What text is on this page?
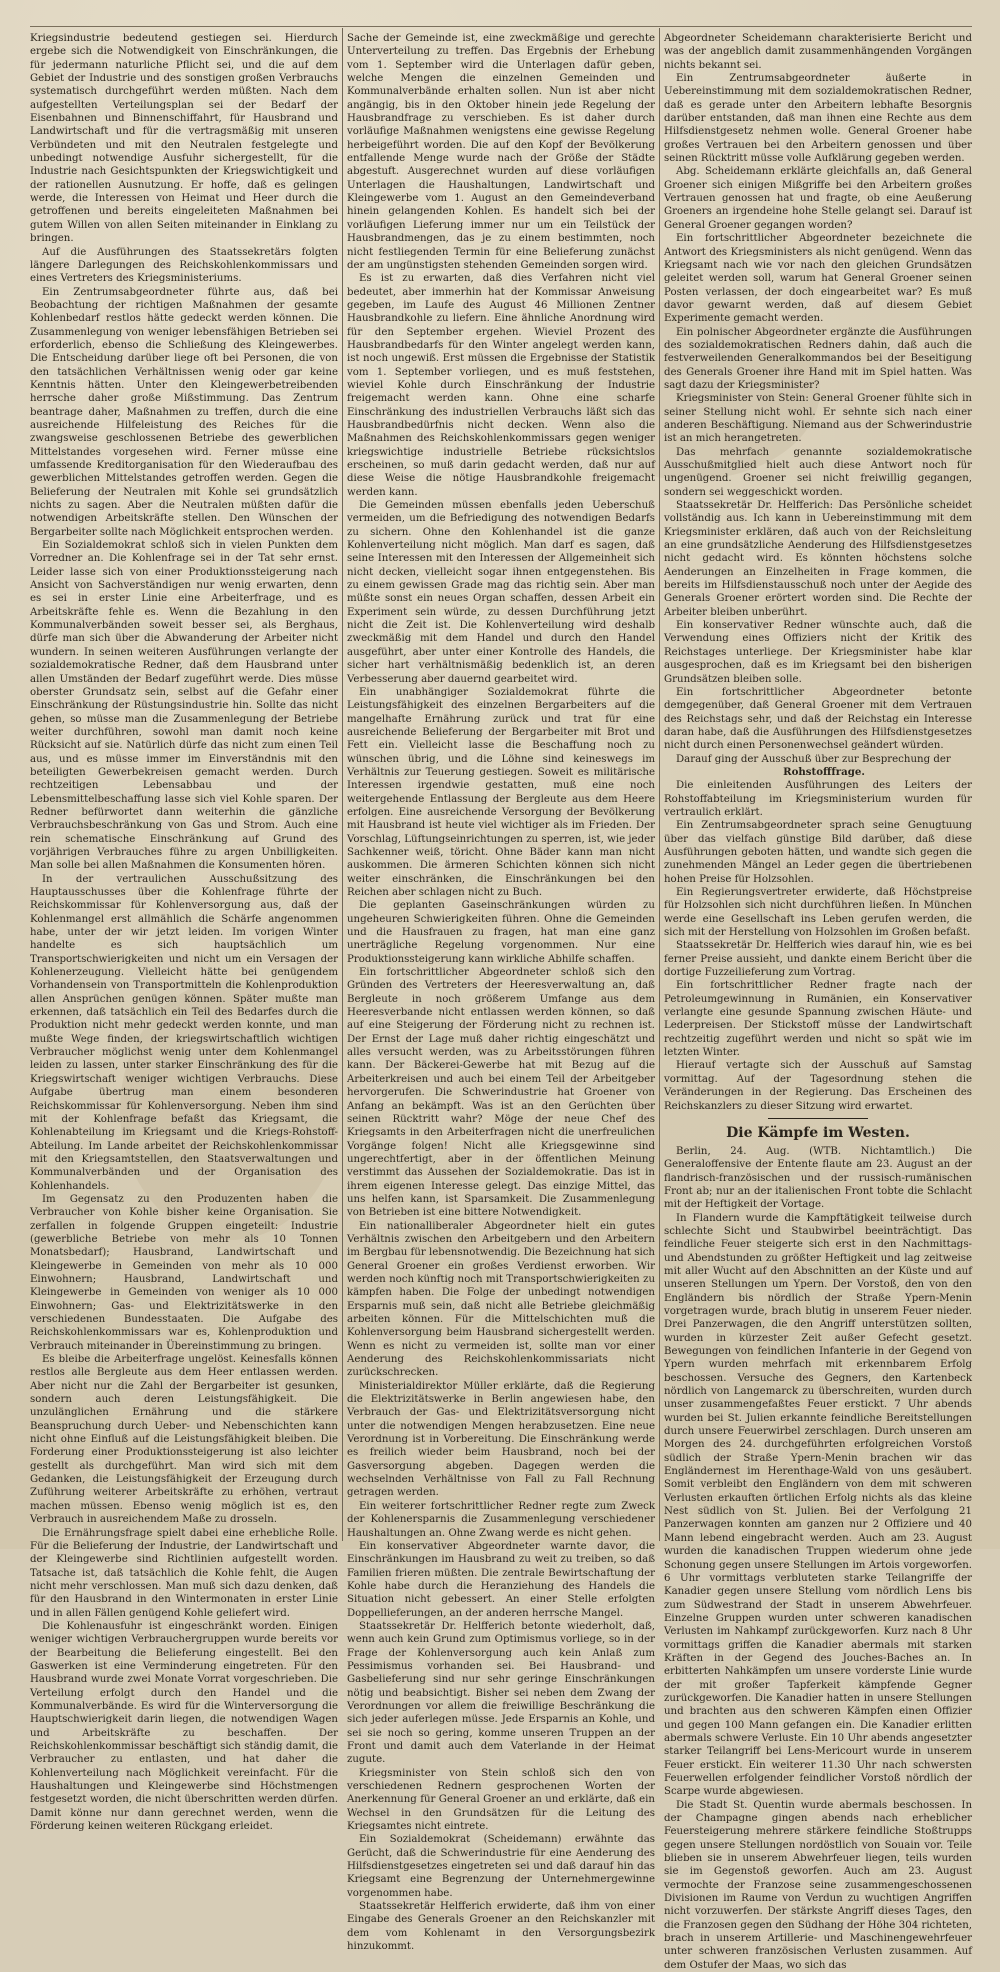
Kriegsindustrie bedeutend gestiegen sei. Hierdurch ergebe sich die Notwendigkeit von Einschränkungen, die für jedermann naturliche Pflicht sei, und die auf dem Gebiet der Industrie und des sonstigen großen Verbrauchs systematisch durchgeführt werden müßten. Nach dem aufgestellten Verteilungsplan sei der Bedarf der Eisenbahnen und Binnenschiffahrt, für Hausbrand und Landwirtschaft und für die vertragsmäßig mit unseren Verbündeten und mit den Neutralen festgelegte und unbedingt notwendige Ausfuhr sichergestellt, für die Industrie nach Gesichtspunkten der Kriegswichtigkeit und der rationellen Ausnutzung. Er hoffe, daß es gelingen werde, die Interessen von Heimat und Heer durch die getroffenen und bereits eingeleiteten Maßnahmen bei gutem Willen von allen Seiten miteinander in Einklang zu bringen.

Auf die Ausführungen des Staatssekretärs folgten längere Darlegungen des Reichskohlenkommissars und eines Vertreters des Kriegsministeriums.

Ein Zentrumsabgeordneter führte aus, daß bei Beobachtung der richtigen Maßnahmen der gesamte Kohlenbedarf restlos hätte gedeckt werden können. Die Zusammenlegung von weniger lebensfähigen Betrieben sei erforderlich, ebenso die Schließung des Kleingewerbes. Die Entscheidung darüber liege oft bei Personen, die von den tatsächlichen Verhältnissen wenig oder gar keine Kenntnis hätten. Unter den Kleingewerbetreibenden herrsche daher große Mißstimmung. Das Zentrum beantrage daher, Maßnahmen zu treffen, durch die eine ausreichende Hilfeleistung des Reiches für die zwangsweise geschlossenen Betriebe des gewerblichen Mittelstandes vorgesehen wird. Ferner müsse eine umfassende Kreditorganisation für den Wiederaufbau des gewerblichen Mittelstandes getroffen werden. Gegen die Belieferung der Neutralen mit Kohle sei grundsätzlich nichts zu sagen. Aber die Neutralen müßten dafür die notwendigen Arbeitskräfte stellen. Den Wünschen der Bergarbeiter sollte nach Möglichkeit entsprochen werden.

Ein Sozialdemokrat schloß sich in vielen Punkten dem Vorredner an. Die Kohlenfrage sei in der Tat sehr ernst. Leider lasse sich von einer Produktionssteigerung nach Ansicht von Sachverständigen nur wenig erwarten, denn es sei in erster Linie eine Arbeiterfrage, und es Arbeitskräfte fehle es. Wenn die Bezahlung in den Kommunalverbänden soweit besser sei, als Berghaus, dürfe man sich über die Abwanderung der Arbeiter nicht wundern. In seinen weiteren Ausführungen verlangte der sozialdemokratische Redner, daß dem Hausbrand unter allen Umständen der Bedarf zugeführt werde. Dies müsse oberster Grundsatz sein, selbst auf die Gefahr einer Einschränkung der Rüstungsindustrie hin. Sollte das nicht gehen, so müsse man die Zusammenlegung der Betriebe weiter durchführen, sowohl man damit noch keine Rücksicht auf sie. Natürlich dürfe das nicht zum einen Teil aus, und es müsse immer im Einverständnis mit den beteiligten Gewerbekreisen gemacht werden. Durch rechtzeitigen Lebensabbau und der Lebensmittelbeschaffung lasse sich viel Kohle sparen. Der Redner befürwortet dann weiterhin die gänzliche Verbrauchsbeschränkung von Gas und Strom. Auch eine rein schematische Einschränkung auf Grund des vorjährigen Verbrauches führe zu argen Unbilligkeiten. Man solle bei allen Maßnahmen die Konsumenten hören.

In der vertraulichen Ausschußsitzung des Hauptausschusses über die Kohlenfrage führte der Reichskommissar für Kohlenversorgung aus, daß der Kohlenmangel erst allmählich die Schärfe angenommen habe, unter der wir jetzt leiden. Im vorigen Winter handelte es sich hauptsächlich um Transportschwierigkeiten und nicht um ein Versagen der Kohlenerzeugung. Vielleicht hätte bei genügendem Vorhandensein von Transportmitteln die Kohlenproduktion allen Ansprüchen genügen können. Später mußte man erkennen, daß tatsächlich ein Teil des Bedarfes durch die Produktion nicht mehr gedeckt werden konnte, und man mußte Wege finden, der kriegswirtschaftlich wichtigen Verbraucher möglichst wenig unter dem Kohlenmangel leiden zu lassen, unter starker Einschränkung des für die Kriegswirtschaft weniger wichtigen Verbrauchs. Diese Aufgabe übertrug man einem besonderen Reichskommissar für Kohlenversorgung. Neben ihm sind mit der Kohlenfrage befaßt das Kriegsamt, die Kohlenabteilung im Kriegsamt und die Kriegs-Rohstoff-Abteilung. Im Lande arbeitet der Reichskohlenkommissar mit den Kriegsamtstellen, den Staatsverwaltungen und Kommunalverbänden und der Organisation des Kohlenhandels.

Im Gegensatz zu den Produzenten haben die Verbraucher von Kohle bisher keine Organisation. Sie zerfallen in folgende Gruppen eingeteilt: Industrie (gewerbliche Betriebe von mehr als 10 Tonnen Monatsbedarf); Hausbrand, Landwirtschaft und Kleingewerbe in Gemeinden von mehr als 10 000 Einwohnern; Hausbrand, Landwirtschaft und Kleingewerbe in Gemeinden von weniger als 10 000 Einwohnern; Gas- und Elektrizitätswerke in den verschiedenen Bundesstaaten. Die Aufgabe des Reichskohlenkommissars war es, Kohlenproduktion und Verbrauch miteinander in Übereinstimmung zu bringen.

Es bleibe die Arbeiterfrage ungelöst. Keinesfalls können restlos alle Bergleute aus dem Heer entlassen werden. Aber nicht nur die Zahl der Bergarbeiter ist gesunken, sondern auch deren Leistungsfähigkeit. Die unzulänglichen Ernährung und die stärkere Beanspruchung durch Ueber- und Nebenschichten kann nicht ohne Einfluß auf die Leistungsfähigkeit bleiben. Die Forderung einer Produktionssteigerung ist also leichter gestellt als durchgeführt. Man wird sich mit dem Gedanken, die Leistungsfähigkeit der Erzeugung durch Zuführung weiterer Arbeitskräfte zu erhöhen, vertraut machen müssen. Ebenso wenig möglich ist es, den Verbrauch in ausreichendem Maße zu drosseln.

Die Ernährungsfrage spielt dabei eine erhebliche Rolle. Für die Belieferung der Industrie, der Landwirtschaft und der Kleingewerbe sind Richtlinien aufgestellt worden. Tatsache ist, daß tatsächlich die Kohle fehlt, die Augen nicht mehr verschlossen. Man muß sich dazu denken, daß für den Hausbrand in den Wintermonaten in erster Linie und in allen Fällen genügend Kohle geliefert wird.

Die Kohlenausfuhr ist eingeschränkt worden. Einigen weniger wichtigen Verbrauchergruppen wurde bereits vor der Bearbeitung die Belieferung eingestellt. Bei den Gaswerken ist eine Verminderung eingetreten. Für den Hausbrand wurde zwei Monate Vorrat vorgeschrieben. Die Verteilung erfolgt durch den Handel und die Kommunalverbände. Es wird für die Winterversorgung die Hauptschwierigkeit darin liegen, die notwendigen Wagen und Arbeitskräfte zu beschaffen. Der Reichskohlenkommissar beschäftigt sich ständig damit, die Verbraucher zu entlasten, und hat daher die Kohlenverteilung nach Möglichkeit vereinfacht. Für die Haushaltungen und Kleingewerbe sind Höchstmengen festgesetzt worden, die nicht überschritten werden dürfen. Damit könne nur dann gerechnet werden, wenn die Förderung keinen weiteren Rückgang erleidet.

Sache der Gemeinde ist, eine zweckmäßige und gerechte Unterverteilung zu treffen. Das Ergebnis der Erhebung vom 1. September wird die Unterlagen dafür geben, welche Mengen die einzelnen Gemeinden und Kommunalverbände erhalten sollen. Nun ist aber nicht angängig, bis in den Oktober hinein jede Regelung der Hausbrandfrage zu verschieben. Es ist daher durch vorläufige Maßnahmen wenigstens eine gewisse Regelung herbeigeführt worden. Die auf den Kopf der Bevölkerung entfallende Menge wurde nach der Größe der Städte abgestuft. Ausgerechnet wurden auf diese vorläufigen Unterlagen die Haushaltungen, Landwirtschaft und Kleingewerbe vom 1. August an den Gemeindeverband hinein gelangenden Kohlen. Es handelt sich bei der vorläufigen Lieferung immer nur um ein Teilstück der Hausbrandmengen, das je zu einem bestimmten, noch nicht festliegenden Termin für eine Belieferung zunächst der am ungünstigsten stehenden Gemeinden sorgen wird.

Es ist zu erwarten, daß dies Verfahren nicht viel bedeutet, aber immerhin hat der Kommissar Anweisung gegeben, im Laufe des August 46 Millionen Zentner Hausbrandkohle zu liefern. Eine ähnliche Anordnung wird für den September ergehen. Wieviel Prozent des Hausbrandbedarfs für den Winter angelegt werden kann, ist noch ungewiß. Erst müssen die Ergebnisse der Statistik vom 1. September vorliegen, und es muß feststehen, wieviel Kohle durch Einschränkung der Industrie freigemacht werden kann. Ohne eine scharfe Einschränkung des industriellen Verbrauchs läßt sich das Hausbrandbedürfnis nicht decken. Wenn also die Maßnahmen des Reichskohlenkommissars gegen weniger kriegswichtige industrielle Betriebe rücksichtslos erscheinen, so muß darin gedacht werden, daß nur auf diese Weise die nötige Hausbrandkohle freigemacht werden kann.

Die Gemeinden müssen ebenfalls jeden Ueberschuß vermeiden, um die Befriedigung des notwendigen Bedarfs zu sichern. Ohne den Kohlenhandel ist die ganze Kohlenverteilung nicht möglich. Man darf es sagen, daß seine Interessen mit den Interessen der Allgemeinheit sich nicht decken, vielleicht sogar ihnen entgegenstehen. Bis zu einem gewissen Grade mag das richtig sein. Aber man müßte sonst ein neues Organ schaffen, dessen Arbeit ein Experiment sein würde, zu dessen Durchführung jetzt nicht die Zeit ist. Die Kohlenverteilung wird deshalb zweckmäßig mit dem Handel und durch den Handel ausgeführt, aber unter einer Kontrolle des Handels, die sicher hart verhältnismäßig bedenklich ist, an deren Verbesserung aber dauernd gearbeitet wird.

Ein unabhängiger Sozialdemokrat führte die Leistungsfähigkeit des einzelnen Bergarbeiters auf die mangelhafte Ernährung zurück und trat für eine ausreichende Belieferung der Bergarbeiter mit Brot und Fett ein. Vielleicht lasse die Beschaffung noch zu wünschen übrig, und die Löhne sind keineswegs im Verhältnis zur Teuerung gestiegen. Soweit es militärische Interessen irgendwie gestatten, muß eine noch weitergehende Entlassung der Bergleute aus dem Heere erfolgen. Eine ausreichende Versorgung der Bevölkerung mit Hausbrand ist heute viel wichtiger als im Frieden. Der Vorschlag, Lüftungseinrichtungen zu sperren, ist, wie jeder Sachkenner weiß, töricht. Ohne Bäder kann man nicht auskommen. Die ärmeren Schichten können sich nicht weiter einschränken, die Einschränkungen bei den Reichen aber schlagen nicht zu Buch.

Die geplanten Gaseinschränkungen würden zu ungeheuren Schwierigkeiten führen. Ohne die Gemeinden und die Hausfrauen zu fragen, hat man eine ganz unerträgliche Regelung vorgenommen. Nur eine Produktionssteigerung kann wirkliche Abhilfe schaffen.

Ein fortschrittlicher Abgeordneter schloß sich den Gründen des Vertreters der Heeresverwaltung an, daß Bergleute in noch größerem Umfange aus dem Heeresverbande nicht entlassen werden können, so daß auf eine Steigerung der Förderung nicht zu rechnen ist. Der Ernst der Lage muß daher richtig eingeschätzt und alles versucht werden, was zu Arbeitsstörungen führen kann. Der Bäckerei-Gewerbe hat mit Bezug auf die Arbeiterkreisen und auch bei einem Teil der Arbeitgeber hervorgerufen. Die Schwerindustrie hat Groener von Anfang an bekämpft. Was ist an den Gerüchten über seinen Rücktritt wahr? Möge der neue Chef des Kriegsamts in den Arbeiterfragen nicht die unerfreulichen Vorgänge folgen! Nicht alle Kriegsgewinne sind ungerechtfertigt, aber in der öffentlichen Meinung verstimmt das Aussehen der Sozialdemokratie. Das ist in ihrem eigenen Interesse gelegt. Das einzige Mittel, das uns helfen kann, ist Sparsamkeit. Die Zusammenlegung von Betrieben ist eine bittere Notwendigkeit.

Ein nationalliberaler Abgeordneter hielt ein gutes Verhältnis zwischen den Arbeitgebern und den Arbeitern im Bergbau für lebensnotwendig. Die Bezeichnung hat sich General Groener ein großes Verdienst erworben. Wir werden noch künftig noch mit Transportschwierigkeiten zu kämpfen haben. Die Folge der unbedingt notwendigen Ersparnis muß sein, daß nicht alle Betriebe gleichmäßig arbeiten können. Für die Mittelschichten muß die Kohlenversorgung beim Hausbrand sichergestellt werden. Wenn es nicht zu vermeiden ist, sollte man vor einer Aenderung des Reichskohlenkommissariats nicht zurückschrecken.

Ministerialdirektor Müller erklärte, daß die Regierung die Elektrizitätswerke in Berlin angewiesen habe, den Verbrauch der Gas- und Elektrizitätsversorgung nicht unter die notwendigen Mengen herabzusetzen. Eine neue Verordnung ist in Vorbereitung. Die Einschränkung werde es freilich wieder beim Hausbrand, noch bei der Gasversorgung abgeben. Dagegen werden die wechselnden Verhältnisse von Fall zu Fall Rechnung getragen werden.

Ein weiterer fortschrittlicher Redner regte zum Zweck der Kohlenersparnis die Zusammenlegung verschiedener Haushaltungen an. Ohne Zwang werde es nicht gehen.

Ein konservativer Abgeordneter warnte davor, die Einschränkungen im Hausbrand zu weit zu treiben, so daß Familien frieren müßten. Die zentrale Bewirtschaftung der Kohle habe durch die Heranziehung des Handels die Situation nicht gebessert. An einer Stelle erfolgten Doppellieferungen, an der anderen herrsche Mangel.

Staatssekretär Dr. Helfferich betonte wiederholt, daß, wenn auch kein Grund zum Optimismus vorliege, so in der Frage der Kohlenversorgung auch kein Anlaß zum Pessimismus vorhanden sei. Bei Hausbrand- und Gasbelieferung sind nur sehr geringe Einschränkungen nötig und beabsichtigt. Bisher sei neben dem Zwang der Verordnungen vor allem die freiwillige Beschränkung die sich jeder auferlegen müsse. Jede Ersparnis an Kohle, und sei sie noch so gering, komme unseren Truppen an der Front und damit auch dem Vaterlande in der Heimat zugute.

Kriegsminister von Stein schloß sich den von verschiedenen Rednern gesprochenen Worten der Anerkennung für General Groener an und erklärte, daß ein Wechsel in den Grundsätzen für die Leitung des Kriegsamtes nicht eintrete.

Ein Sozialdemokrat (Scheidemann) erwähnte das Gerücht, daß die Schwerindustrie für eine Aenderung des Hilfsdienstgesetzes eingetreten sei und daß darauf hin das Kriegsamt eine Begrenzung der Unternehmergewinne vorgenommen habe.

Staatssekretär Helfferich erwiderte, daß ihm von einer Eingabe des Generals Groener an den Reichskanzler mit dem vom Kohlenamt in den Versorgungsbezirk hinzukommt.

Abgeordneter Scheidemann charakterisierte Bericht und was der angeblich damit zusammenhängenden Vorgängen nichts bekannt sei.

Ein Zentrumsabgeordneter äußerte in Uebereinstimmung mit dem sozialdemokratischen Redner, daß es gerade unter den Arbeitern lebhafte Besorgnis darüber entstanden, daß man ihnen eine Rechte aus dem Hilfsdienstgesetz nehmen wolle. General Groener habe großes Vertrauen bei den Arbeitern genossen und über seinen Rücktritt müsse volle Aufklärung gegeben werden.

Abg. Scheidemann erklärte gleichfalls an, daß General Groener sich einigen Mißgriffe bei den Arbeitern großes Vertrauen genossen hat und fragte, ob eine Aeußerung Groeners an irgendeine hohe Stelle gelangt sei. Darauf ist General Groener gegangen worden?

Ein fortschrittlicher Abgeordneter bezeichnete die Antwort des Kriegsministers als nicht genügend. Wenn das Kriegsamt nach wie vor nach den gleichen Grundsätzen geleitet werden soll, warum hat General Groener seinen Posten verlassen, der doch eingearbeitet war? Es muß davor gewarnt werden, daß auf diesem Gebiet Experimente gemacht werden.

Ein polnischer Abgeordneter ergänzte die Ausführungen des sozialdemokratischen Redners dahin, daß auch die festverweilenden Generalkommandos bei der Beseitigung des Generals Groener ihre Hand mit im Spiel hatten. Was sagt dazu der Kriegsminister?

Kriegsminister von Stein: General Groener fühlte sich in seiner Stellung nicht wohl. Er sehnte sich nach einer anderen Beschäftigung. Niemand aus der Schwerindustrie ist an mich herangetreten.

Das mehrfach genannte sozialdemokratische Ausschußmitglied hielt auch diese Antwort noch für ungenügend. Groener sei nicht freiwillig gegangen, sondern sei weggeschickt worden.

Staatssekretär Dr. Helfferich: Das Persönliche scheidet vollständig aus. Ich kann in Uebereinstimmung mit dem Kriegsminister erklären, daß auch von der Reichsleitung an eine grundsätzliche Aenderung des Hilfsdienstgesetzes nicht gedacht wird. Es könnten höchstens solche Aenderungen an Einzelheiten in Frage kommen, die bereits im Hilfsdienstausschuß noch unter der Aegide des Generals Groener erörtert worden sind. Die Rechte der Arbeiter bleiben unberührt.

Ein konservativer Redner wünschte auch, daß die Verwendung eines Offiziers nicht der Kritik des Reichstages unterliege. Der Kriegsminister habe klar ausgesprochen, daß es im Kriegsamt bei den bisherigen Grundsätzen bleiben solle.

Ein fortschrittlicher Abgeordneter betonte demgegenüber, daß General Groener mit dem Vertrauen des Reichstags sehr, und daß der Reichstag ein Interesse daran habe, daß die Ausführungen des Hilfsdienstgesetzes nicht durch einen Personenwechsel geändert würden.

Darauf ging der Ausschuß über zur Besprechung der

Rohstofffrage.

Die einleitenden Ausführungen des Leiters der Rohstoffabteilung im Kriegsministerium wurden für vertraulich erklärt.

Ein Zentrumsabgeordneter sprach seine Genugtuung über das vielfach günstige Bild darüber, daß diese Ausführungen geboten hätten, und wandte sich gegen die zunehmenden Mängel an Leder gegen die übertriebenen hohen Preise für Holzsohlen.

Ein Regierungsvertreter erwiderte, daß Höchstpreise für Holzsohlen sich nicht durchführen ließen. In München werde eine Gesellschaft ins Leben gerufen werden, die sich mit der Herstellung von Holzsohlen im Großen befaßt.

Staatssekretär Dr. Helfferich wies darauf hin, wie es bei ferner Preise aussieht, und dankte einem Bericht über die dortige Fuzzeilieferung zum Vortrag.

Ein fortschrittlicher Redner fragte nach der Petroleumgewinnung in Rumänien, ein Konservativer verlangte eine gesunde Spannung zwischen Häute- und Lederpreisen. Der Stickstoff müsse der Landwirtschaft rechtzeitig zugeführt werden und nicht so spät wie im letzten Winter.

Hierauf vertagte sich der Ausschuß auf Samstag vormittag. Auf der Tagesordnung stehen die Veränderungen in der Regierung. Das Erscheinen des Reichskanzlers zu dieser Sitzung wird erwartet.

Die Kämpfe im Westen.

Berlin, 24. Aug. (WTB. Nichtamtlich.) Die Generaloffensive der Entente flaute am 23. August an der flandrisch-französischen und der russisch-rumänischen Front ab; nur an der italienischen Front tobte die Schlacht mit der Heftigkeit der Vortage.

In Flandern wurde die Kampftätigkeit teilweise durch schlechte Sicht und Staubwirbel beeinträchtigt. Das feindliche Feuer steigerte sich erst in den Nachmittags- und Abendstunden zu größter Heftigkeit und lag zeitweise mit aller Wucht auf den Abschnitten an der Küste und auf unseren Stellungen um Ypern. Der Vorstoß, den von den Engländern bis nördlich der Straße Ypern-Menin vorgetragen wurde, brach blutig in unserem Feuer nieder. Drei Panzerwagen, die den Angriff unterstützen sollten, wurden in kürzester Zeit außer Gefecht gesetzt. Bewegungen von feindlichen Infanterie in der Gegend von Ypern wurden mehrfach mit erkennbarem Erfolg beschossen. Versuche des Gegners, den Kartenbeck nördlich von Langemarck zu überschreiten, wurden durch unser zusammengefaßtes Feuer erstickt. 7 Uhr abends wurden bei St. Julien erkannte feindliche Bereitstellungen durch unsere Feuerwirbel zerschlagen. Durch unseren am Morgen des 24. durchgeführten erfolgreichen Vorstoß südlich der Straße Ypern-Menin brachen wir das Engländernest im Herenthage-Wald von uns gesäubert. Somit verbleibt den Engländern von dem mit schweren Verlusten erkauften örtlichen Erfolg nichts als das kleine Nest südlich von St. Julien. Bei der Verfolgung 21 Panzerwagen konnten am ganzen nur 2 Offiziere und 40 Mann lebend eingebracht werden. Auch am 23. August wurden die kanadischen Truppen wiederum ohne jede Schonung gegen unsere Stellungen im Artois vorgeworfen. 6 Uhr vormittags verbluteten starke Teilangriffe der Kanadier gegen unsere Stellung vom nördlich Lens bis zum Südwestrand der Stadt in unserem Abwehrfeuer. Einzelne Gruppen wurden unter schweren kanadischen Verlusten im Nahkampf zurückgeworfen. Kurz nach 8 Uhr vormittags griffen die Kanadier abermals mit starken Kräften in der Gegend des Jouches-Baches an. In erbitterten Nahkämpfen um unsere vorderste Linie wurde der mit großer Tapferkeit kämpfende Gegner zurückgeworfen. Die Kanadier hatten in unsere Stellungen und brachten aus den schweren Kämpfen einen Offizier und gegen 100 Mann gefangen ein. Die Kanadier erlitten abermals schwere Verluste. Ein 10 Uhr abends angesetzter starker Teilangriff bei Lens-Mericourt wurde in unserem Feuer erstickt. Ein weiterer 11.30 Uhr nach schwersten Feuerwellen erfolgender feindlicher Vorstoß nördlich der Scarpe wurde abgewiesen.

Die Stadt St. Quentin wurde abermals beschossen. In der Champagne gingen abends nach erheblicher Feuersteigerung mehrere stärkere feindliche Stoßtrupps gegen unsere Stellungen nordöstlich von Souain vor. Teile blieben sie in unserem Abwehrfeuer liegen, teils wurden sie im Gegenstoß geworfen. Auch am 23. August vermochte der Franzose seine zusammengeschossenen Divisionen im Raume von Verdun zu wuchtigen Angriffen nicht vorzuwerfen. Der stärkste Angriff dieses Tages, den die Franzosen gegen den Südhang der Höhe 304 richteten, brach in unserem Artillerie- und Maschinengewehrfeuer unter schweren französischen Verlusten zusammen. Auf dem Ostufer der Maas, wo sich das
